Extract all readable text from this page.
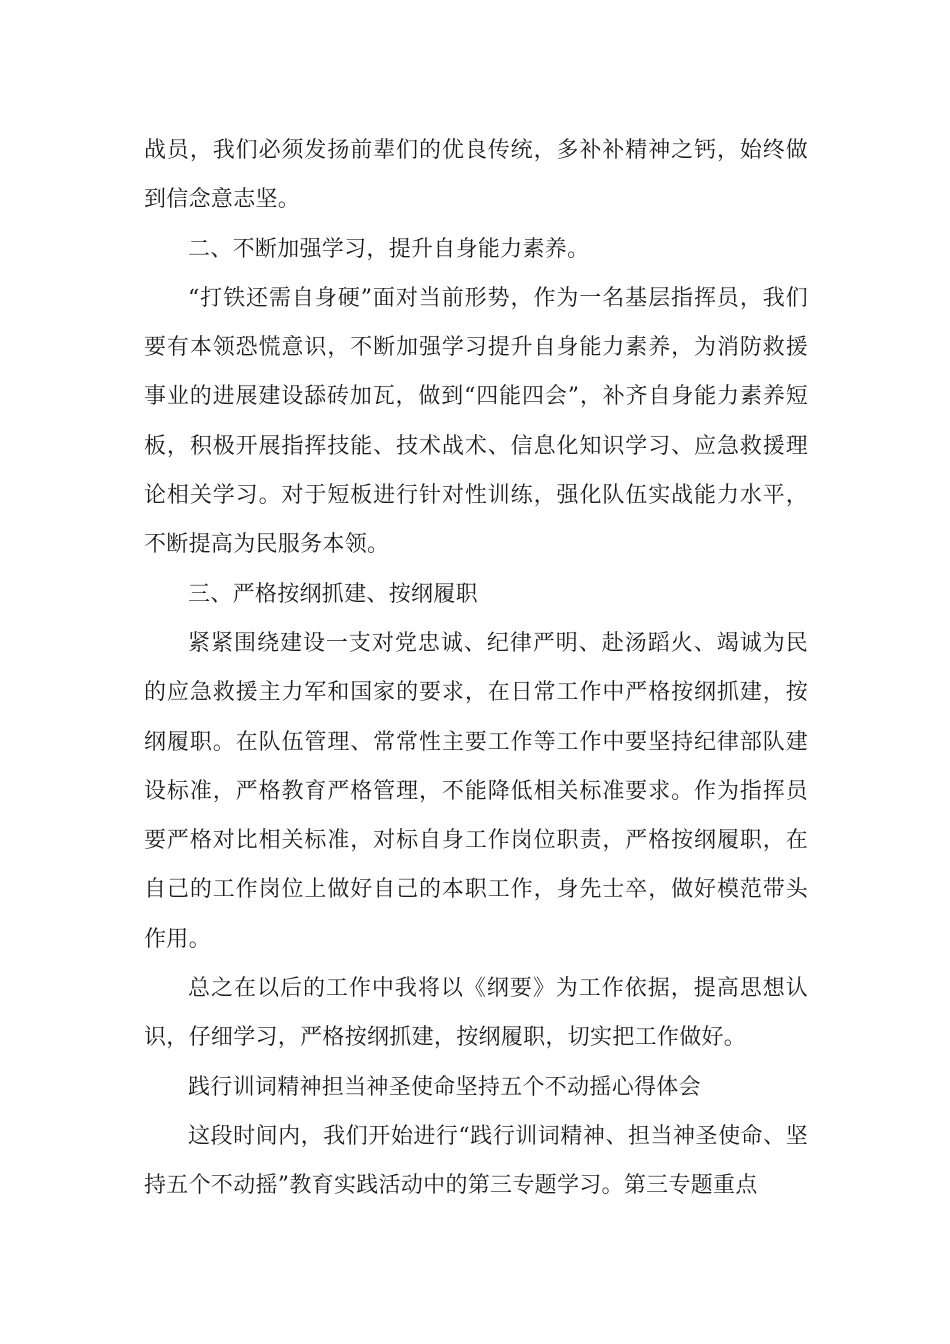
战员，我们必须发扬前辈们的优良传统，多补补精神之钙，始终做到信念意志坚。

二、不断加强学习，提升自身能力素养。

“打铁还需自身硬”面对当前形势，作为一名基层指挥员，我们要有本领恐慌意识，不断加强学习提升自身能力素养，为消防救援事业的进展建设舔砖加瓦，做到“四能四会”，补齐自身能力素养短板，积极开展指挥技能、技术战术、信息化知识学习、应急救援理论相关学习。对于短板进行针对性训练，强化队伍实战能力水平，不断提高为民服务本领。

三、严格按纲抓建、按纲履职

紧紧围绕建设一支对党忠诚、纪律严明、赴汤蹈火、竭诚为民的应急救援主力军和国家的要求，在日常工作中严格按纲抓建，按纲履职。在队伍管理、常常性主要工作等工作中要坚持纪律部队建设标准，严格教育严格管理，不能降低相关标准要求。作为指挥员要严格对比相关标准，对标自身工作岗位职责，严格按纲履职，在自己的工作岗位上做好自己的本职工作，身先士卒，做好模范带头作用。

总之在以后的工作中我将以《纲要》为工作依据，提高思想认识，仔细学习，严格按纲抓建，按纲履职，切实把工作做好。

践行训词精神担当神圣使命坚持五个不动摇心得体会

这段时间内，我们开始进行“践行训词精神、担当神圣使命、坚持五个不动摇”教育实践活动中的第三专题学习。第三专题重点
